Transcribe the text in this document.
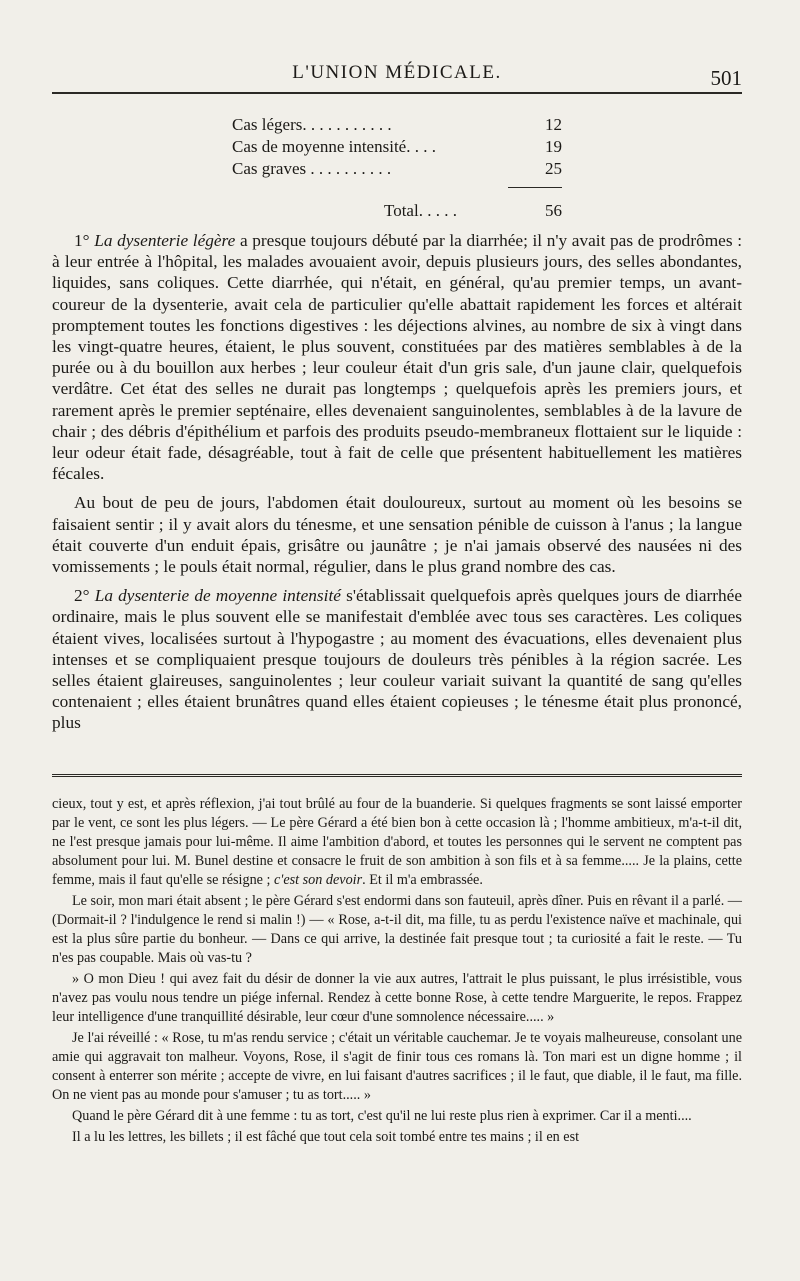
L'UNION MÉDICALE.	501
Cas légers. . . . . . . . . . .	12
Cas de moyenne intensité. . . .	19
Cas graves . . . . . . . . . .	25
Total. . . . .	56

1° La dysenterie légère a presque toujours débuté par la diarrhée; il n'y avait pas de prodrômes : à leur entrée à l'hôpital, les malades avouaient avoir, depuis plusieurs jours, des selles abondantes, liquides, sans coliques. Cette diarrhée, qui n'était, en général, qu'au premier temps, un avant-coureur de la dysenterie, avait cela de particulier qu'elle abattait rapidement les forces et altérait promptement toutes les fonctions digestives : les déjections alvines, au nombre de six à vingt dans les vingt-quatre heures, étaient, le plus souvent, constituées par des matières semblables à de la purée ou à du bouillon aux herbes ; leur couleur était d'un gris sale, d'un jaune clair, quelquefois verdâtre. Cet état des selles ne durait pas longtemps ; quelquefois après les premiers jours, et rarement après le premier septénaire, elles devenaient sanguinolentes, semblables à de la lavure de chair ; des débris d'épithélium et parfois des produits pseudo-membraneux flottaient sur le liquide : leur odeur était fade, désagréable, tout à fait de celle que présentent habituellement les matières fécales.

Au bout de peu de jours, l'abdomen était douloureux, surtout au moment où les besoins se faisaient sentir ; il y avait alors du ténesme, et une sensation pénible de cuisson à l'anus ; la langue était couverte d'un enduit épais, grisâtre ou jaunâtre ; je n'ai jamais observé des nausées ni des vomissements ; le pouls était normal, régulier, dans le plus grand nombre des cas.

2° La dysenterie de moyenne intensité s'établissait quelquefois après quelques jours de diarrhée ordinaire, mais le plus souvent elle se manifestait d'emblée avec tous ses caractères. Les coliques étaient vives, localisées surtout à l'hypogastre ; au moment des évacuations, elles devenaient plus intenses et se compliquaient presque toujours de douleurs très pénibles à la région sacrée. Les selles étaient glaireuses, sanguinolentes ; leur couleur variait suivant la quantité de sang qu'elles contenaient ; elles étaient brunâtres quand elles étaient copieuses ; le ténesme était plus prononcé, plus

cieux, tout y est, et après réflexion, j'ai tout brûlé au four de la buanderie. Si quelques fragments se sont laissé emporter par le vent, ce sont les plus légers. — Le père Gérard a été bien bon à cette occasion là ; l'homme ambitieux, m'a-t-il dit, ne l'est presque jamais pour lui-même. Il aime l'ambition d'abord, et toutes les personnes qui le servent ne comptent pas absolument pour lui. M. Bunel destine et consacre le fruit de son ambition à son fils et à sa femme..... Je la plains, cette femme, mais il faut qu'elle se résigne ; c'est son devoir. Et il m'a embrassée.

Le soir, mon mari était absent ; le père Gérard s'est endormi dans son fauteuil, après dîner. Puis en rêvant il a parlé. — (Dormait-il ? l'indulgence le rend si malin !) — « Rose, a-t-il dit, ma fille, tu as perdu l'existence naïve et machinale, qui est la plus sûre partie du bonheur. — Dans ce qui arrive, la destinée fait presque tout ; ta curiosité a fait le reste. — Tu n'es pas coupable. Mais où vas-tu ?

» O mon Dieu ! qui avez fait du désir de donner la vie aux autres, l'attrait le plus puissant, le plus irrésistible, vous n'avez pas voulu nous tendre un piége infernal. Rendez à cette bonne Rose, à cette tendre Marguerite, le repos. Frappez leur intelligence d'une tranquillité désirable, leur cœur d'une somnolence nécessaire..... »

Je l'ai réveillé : « Rose, tu m'as rendu service ; c'était un véritable cauchemar. Je te voyais malheureuse, consolant une amie qui aggravait ton malheur. Voyons, Rose, il s'agit de finir tous ces romans là. Ton mari est un digne homme ; il consent à enterrer son mérite ; accepte de vivre, en lui faisant d'autres sacrifices ; il le faut, que diable, il le faut, ma fille. On ne vient pas au monde pour s'amuser ; tu as tort..... »

Quand le père Gérard dit à une femme : tu as tort, c'est qu'il ne lui reste plus rien à exprimer. Car il a menti....

Il a lu les lettres, les billets ; il est fâché que tout cela soit tombé entre tes mains ; il en est
